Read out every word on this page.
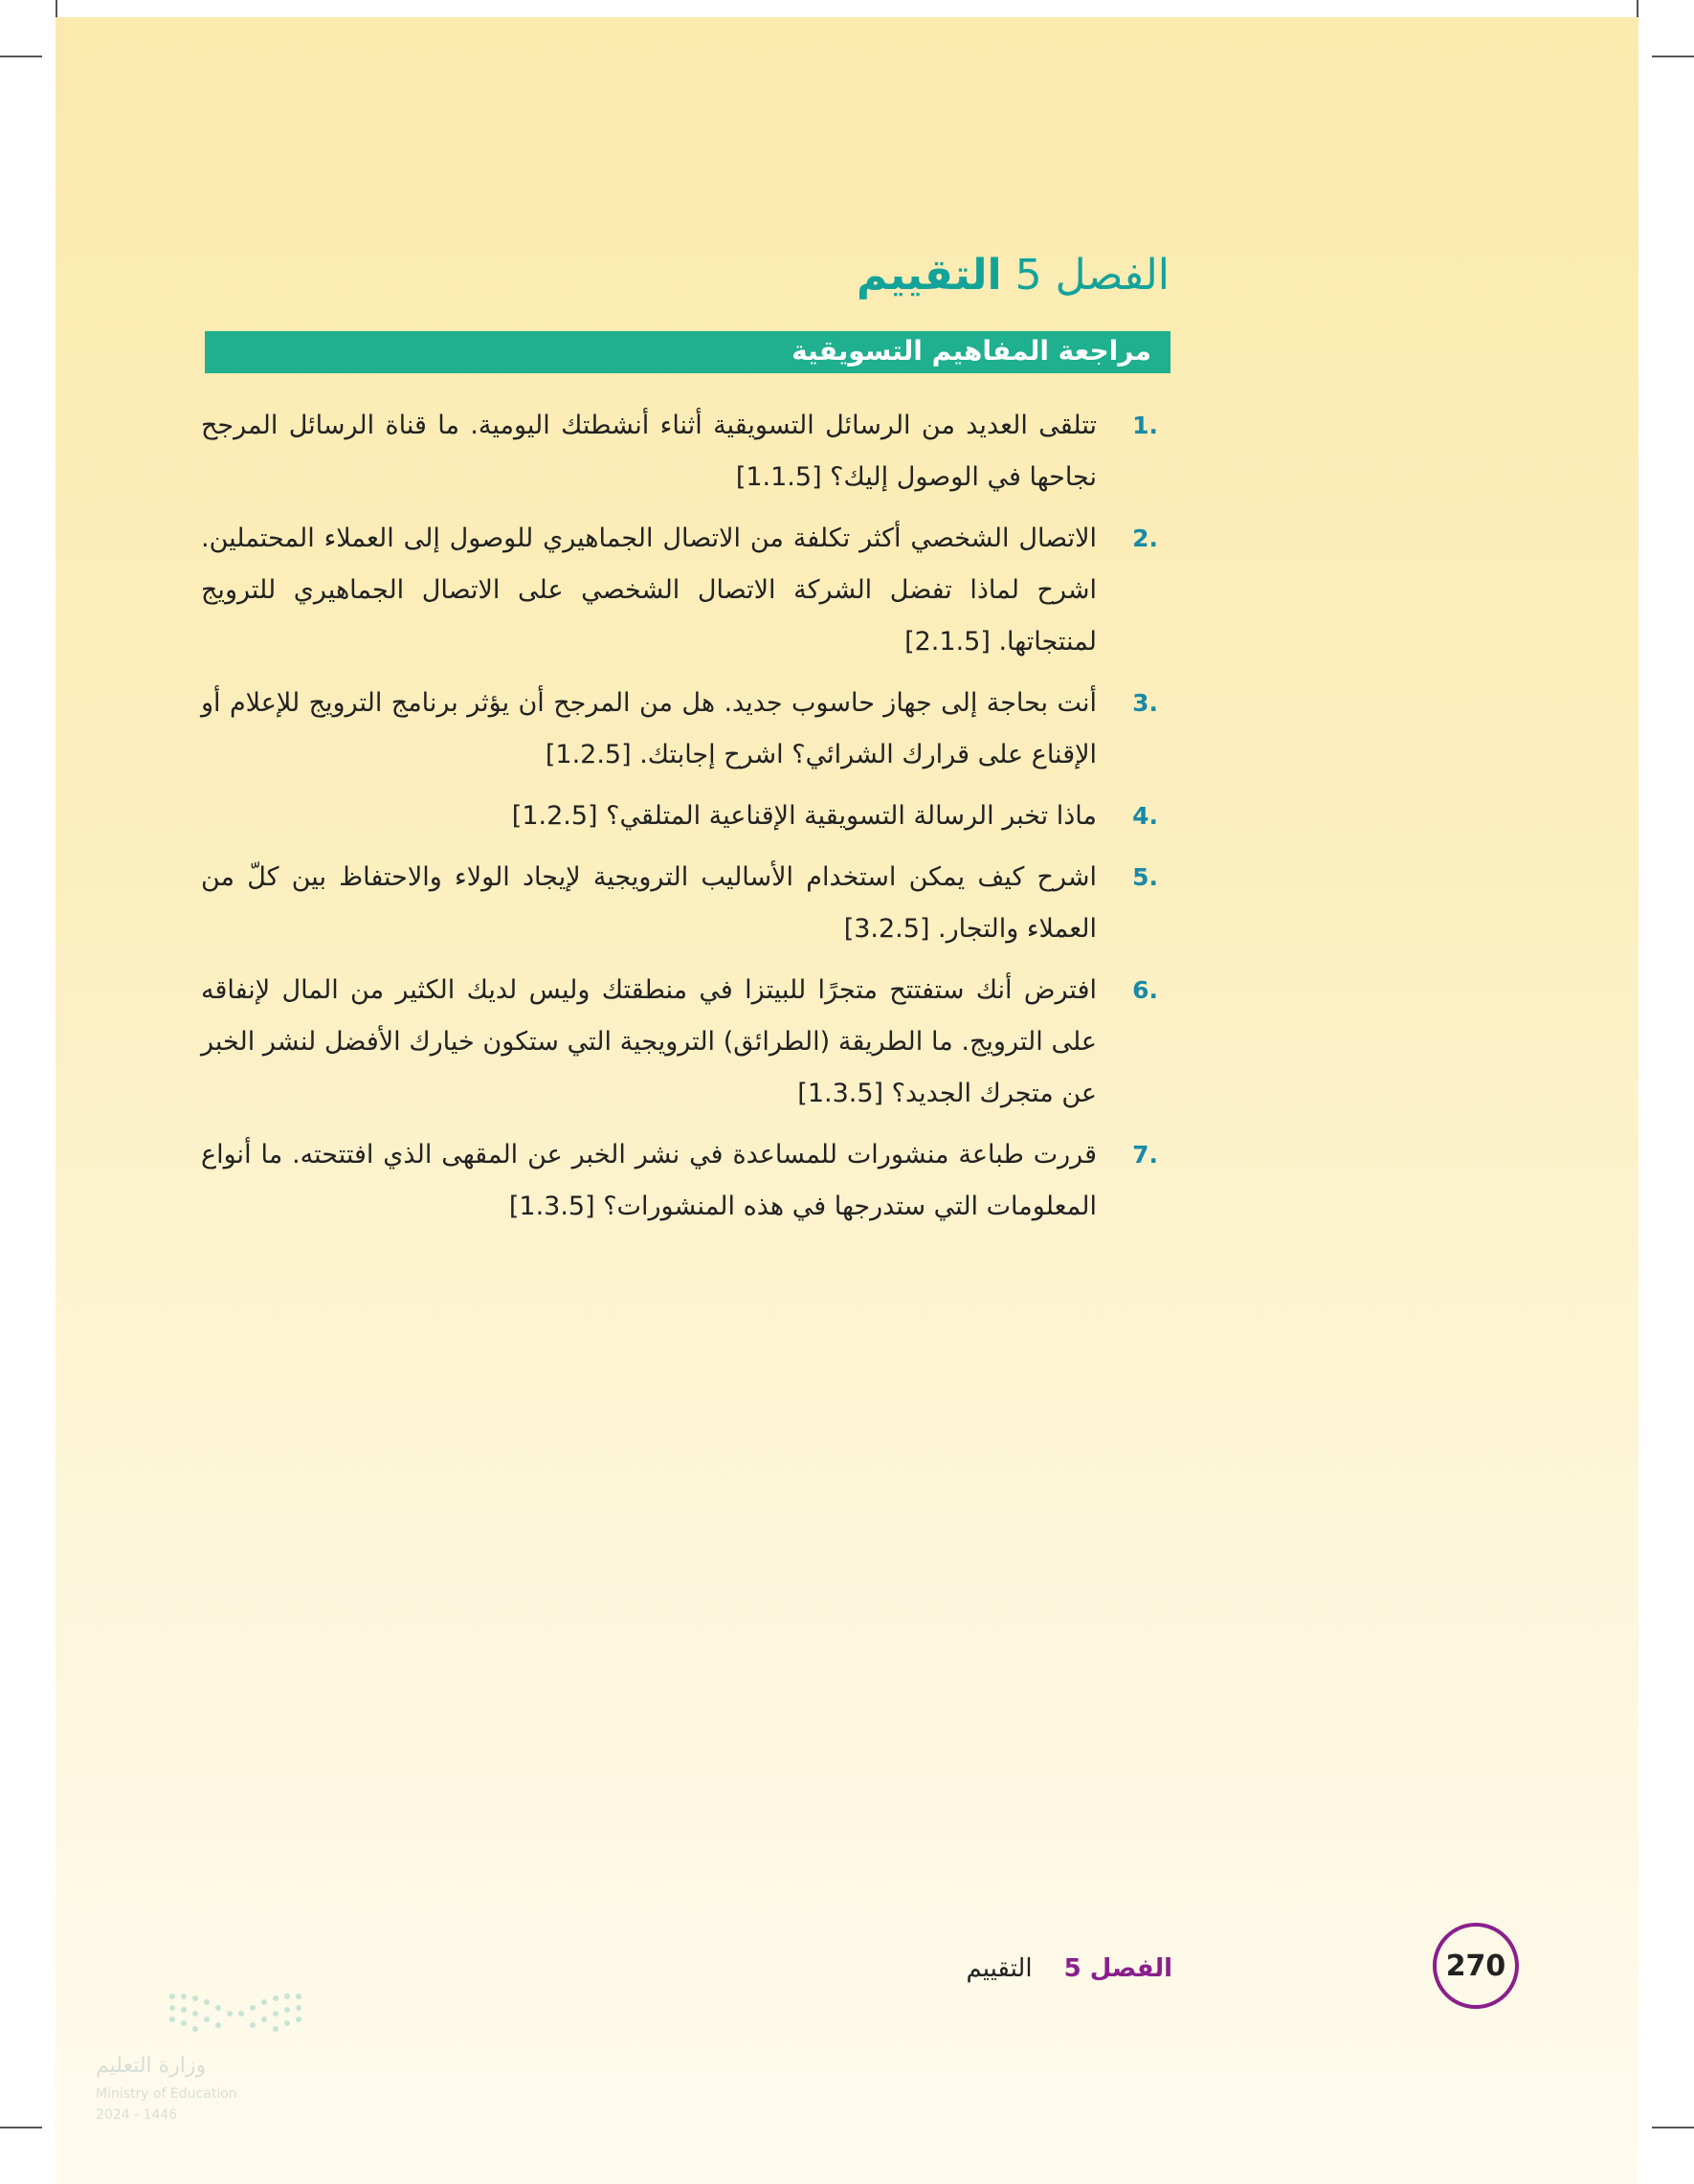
الفصل 5 التقييم
مراجعة المفاهيم التسويقية
.1
تتلقى العديد من الرسائل التسويقية أثناء أنشطتك اليومية. ما قناة الرسائل المرجح نجاحها في الوصول إليك؟ [1.1.5]
.2
الاتصال الشخصي أكثر تكلفة من الاتصال الجماهيري للوصول إلى العملاء المحتملين. اشرح لماذا تفضل الشركة الاتصال الشخصي على الاتصال الجماهيري للترويج لمنتجاتها. [2.1.5]
.3
أنت بحاجة إلى جهاز حاسوب جديد. هل من المرجح أن يؤثر برنامج الترويج للإعلام أو الإقناع على قرارك الشرائي؟ اشرح إجابتك. [1.2.5]
.4
ماذا تخبر الرسالة التسويقية الإقناعية المتلقي؟ [1.2.5]
.5
اشرح كيف يمكن استخدام الأساليب الترويجية لإيجاد الولاء والاحتفاظ بين كلّ من العملاء والتجار. [3.2.5]
.6
افترض أنك ستفتتح متجرًا للبيتزا في منطقتك وليس لديك الكثير من المال لإنفاقه على الترويج. ما الطريقة (الطرائق) الترويجية التي ستكون خيارك الأفضل لنشر الخبر عن متجرك الجديد؟ [1.3.5]
.7
قررت طباعة منشورات للمساعدة في نشر الخبر عن المقهى الذي افتتحته. ما أنواع المعلومات التي ستدرجها في هذه المنشورات؟ [1.3.5]
270
الفصل 5    التقييم
وزارة التعليم
Ministry of Education
2024 - 1446
